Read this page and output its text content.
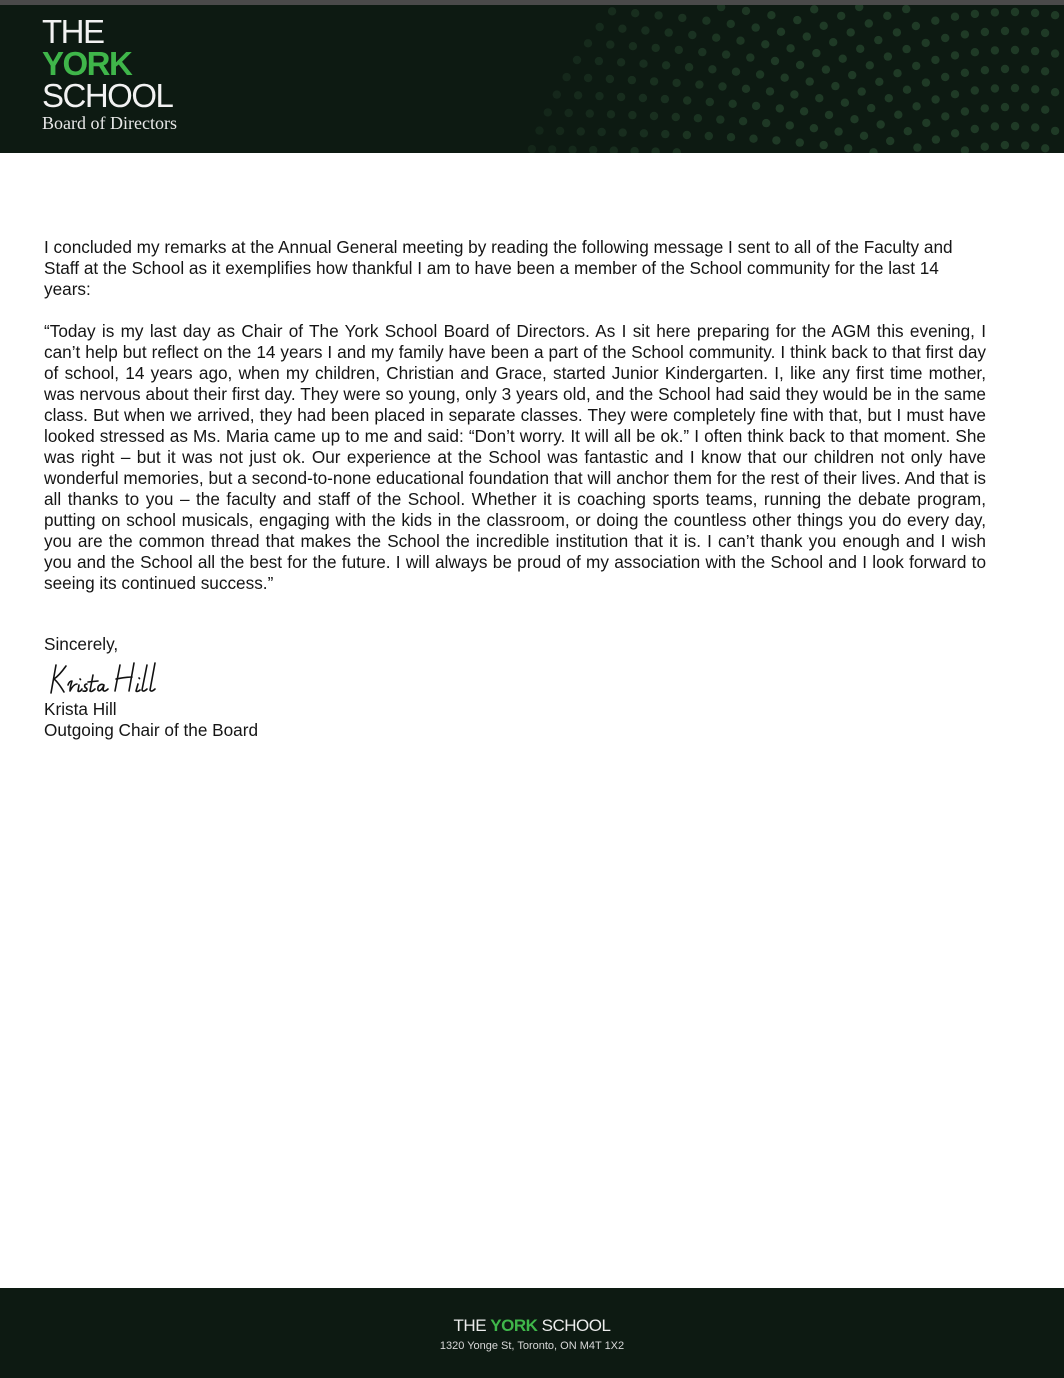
THE
YORK
SCHOOL
Board of Directors

I concluded my remarks at the Annual General meeting by reading the following message I sent to all of the Faculty and Staff at the School as it exemplifies how thankful I am to have been a member of the School community for the last 14 years:

“Today is my last day as Chair of The York School Board of Directors. As I sit here preparing for the AGM this evening, I can’t help but reflect on the 14 years I and my family have been a part of the School community. I think back to that first day of school, 14 years ago, when my children, Christian and Grace, started Junior Kindergarten. I, like any first time mother, was nervous about their first day. They were so young, only 3 years old, and the School had said they would be in the same class. But when we arrived, they had been placed in separate classes. They were completely fine with that, but I must have looked stressed as Ms. Maria came up to me and said: “Don’t worry. It will all be ok.” I often think back to that moment. She was right – but it was not just ok. Our experience at the School was fantastic and I know that our children not only have wonderful memories, but a second-to-none educational foundation that will anchor them for the rest of their lives. And that is all thanks to you – the faculty and staff of the School. Whether it is coaching sports teams, running the debate program, putting on school musicals, engaging with the kids in the classroom, or doing the countless other things you do every day, you are the common thread that makes the School the incredible institution that it is. I can’t thank you enough and I wish you and the School all the best for the future. I will always be proud of my association with the School and I look forward to seeing its continued success.”

Sincerely,
Krista Hill
Outgoing Chair of the Board
THE YORK SCHOOL
1320 Yonge St, Toronto, ON M4T 1X2
